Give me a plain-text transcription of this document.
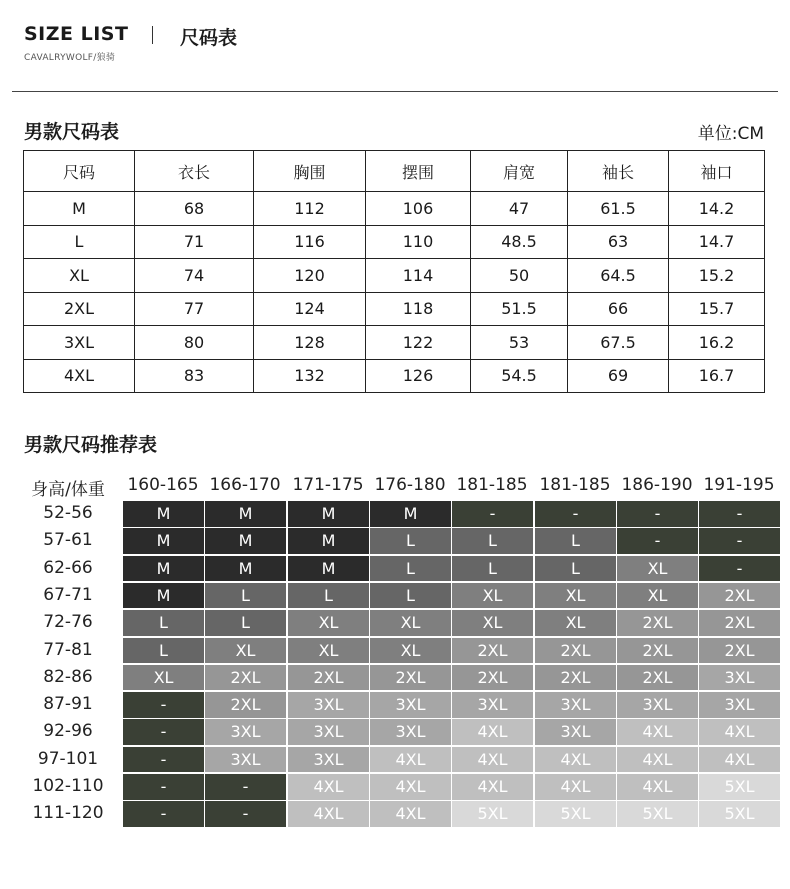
SIZE LIST	尺码表
CAVALRYWOLF/狼骑
男款尺码表	单位:CM
尺码	衣长	胸围	摆围	肩宽	袖长	袖口
M	68	112	106	47	61.5	14.2
L	71	116	110	48.5	63	14.7
XL	74	120	114	50	64.5	15.2
2XL	77	124	118	51.5	66	15.7
3XL	80	128	122	53	67.5	16.2
4XL	83	132	126	54.5	69	16.7
男款尺码推荐表
身高/体重	160-165 166-170 171-175 176-180 181-185 181-185 186-190 191-195
52-56	M	M	M	M	-	-	-	-
57-61	M	M	M	L	L	L	-	-
62-66	M	M	M	L	L	L	XL	-
67-71	M	L	L	L	XL	XL	XL	2XL
72-76	L	L	XL	XL	XL	XL	2XL	2XL
77-81	L	XL	XL	XL	2XL	2XL	2XL	2XL
82-86	XL	2XL	2XL	2XL	2XL	2XL	2XL	3XL
87-91	-	2XL	3XL	3XL	3XL	3XL	3XL	3XL
92-96	-	3XL	3XL	3XL	4XL	3XL	4XL	4XL
97-101	-	3XL	3XL	4XL	4XL	4XL	4XL	4XL
102-110	-	-	4XL	4XL	4XL	4XL	4XL	5XL
111-120	-	-	4XL	4XL	5XL	5XL	5XL	5XL
